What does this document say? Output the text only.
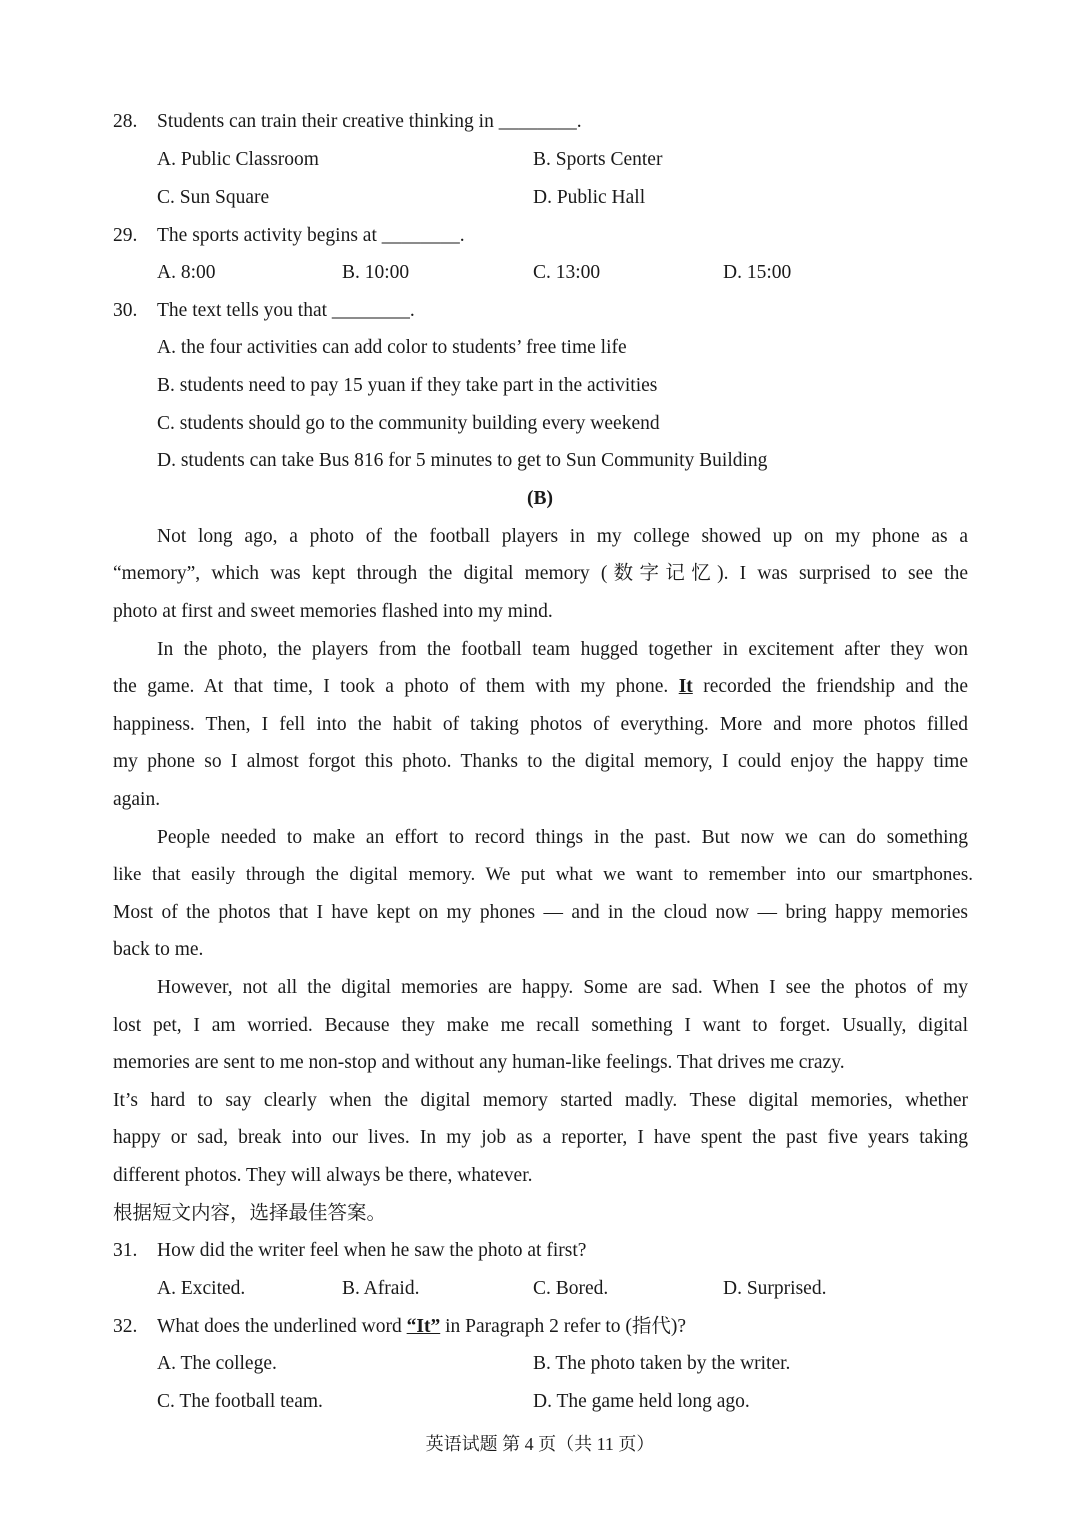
28. Students can train their creative thinking in ________.
A. Public Classroom	B. Sports Center
C. Sun Square	D. Public Hall
29. The sports activity begins at ________.
A. 8:00	B. 10:00	C. 13:00	D. 15:00
30. The text tells you that ________.
A. the four activities can add color to students’ free time life
B. students need to pay 15 yuan if they take part in the activities
C. students should go to the community building every weekend
D. students can take Bus 816 for 5 minutes to get to Sun Community Building
(B)
Not long ago, a photo of the football players in my college showed up on my phone as a
“memory”, which was kept through the digital memory (数字记忆). I was surprised to see the
photo at first and sweet memories flashed into my mind.
In the photo, the players from the football team hugged together in excitement after they won
the game. At that time, I took a photo of them with my phone. It recorded the friendship and the
happiness. Then, I fell into the habit of taking photos of everything. More and more photos filled
my phone so I almost forgot this photo. Thanks to the digital memory, I could enjoy the happy time
again.
People needed to make an effort to record things in the past. But now we can do something
like that easily through the digital memory. We put what we want to remember into our smartphones.
Most of the photos that I have kept on my phones — and in the cloud now — bring happy memories
back to me.
However, not all the digital memories are happy. Some are sad. When I see the photos of my
lost pet, I am worried. Because they make me recall something I want to forget. Usually, digital
memories are sent to me non-stop and without any human-like feelings. That drives me crazy.
It’s hard to say clearly when the digital memory started madly. These digital memories, whether
happy or sad, break into our lives. In my job as a reporter, I have spent the past five years taking
different photos. They will always be there, whatever.
根据短文内容，选择最佳答案。
31. How did the writer feel when he saw the photo at first?
A. Excited.	B. Afraid.	C. Bored.	D. Surprised.
32. What does the underlined word “It” in Paragraph 2 refer to (指代)?
A. The college.	B. The photo taken by the writer.
C. The football team.	D. The game held long ago.
英语试题 第 4 页（共 11 页）
